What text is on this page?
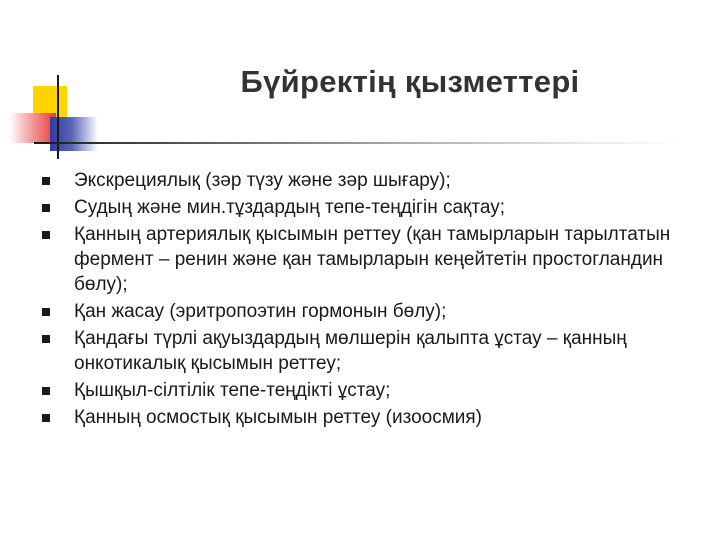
Бүйректің қызметтері
Экскрециялық (зәр түзу және зәр шығару);
Судың және мин.тұздардың тепе-теңдігін сақтау;
Қанның артериялық қысымын реттеу (қан тамырларын тарылтатын фермент – ренин және қан тамырларын кеңейтетін простогландин бөлу);
Қан жасау (эритропоэтин гормонын бөлу);
Қандағы түрлі ақуыздардың мөлшерін қалыпта ұстау – қанның онкотикалық қысымын реттеу;
Қышқыл-сілтілік тепе-теңдікті ұстау;
Қанның осмостық қысымын реттеу (изоосмия)
